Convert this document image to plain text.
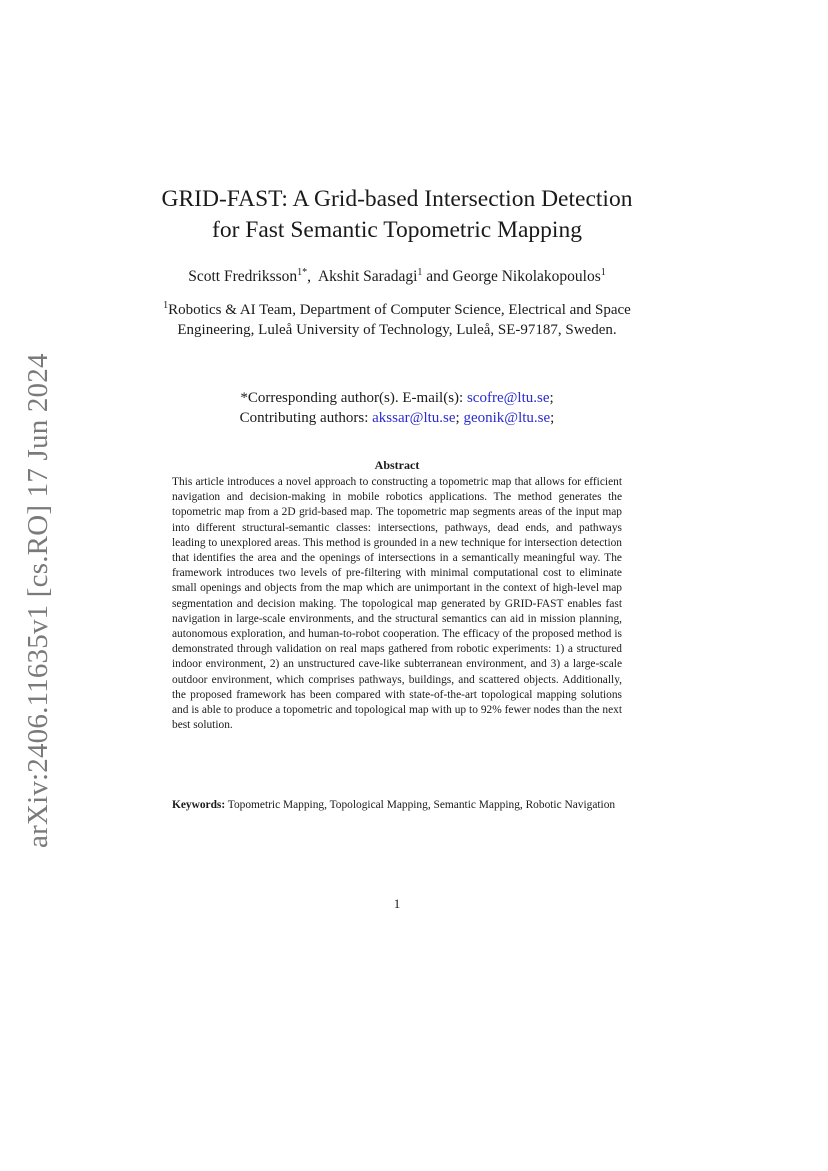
arXiv:2406.11635v1 [cs.RO] 17 Jun 2024
GRID-FAST: A Grid-based Intersection Detection
for Fast Semantic Topometric Mapping
Scott Fredriksson$^{1*}$,  Akshit Saradagi$^1$ and George Nikolakopoulos$^1$
$^1$Robotics & AI Team, Department of Computer Science, Electrical and Space Engineering, Luleå University of Technology, Luleå, SE-97187, Sweden.
*Corresponding author(s). E-mail(s): scofre@ltu.se;
Contributing authors: akssar@ltu.se; geonik@ltu.se;
Abstract

This article introduces a novel approach to constructing a topometric map that allows for efficient navigation and decision-making in mobile robotics applications. The method generates the topometric map from a 2D grid-based map. The topometric map segments areas of the input map into different structural-semantic classes: intersections, pathways, dead ends, and pathways leading to unexplored areas. This method is grounded in a new technique for intersection detection that identifies the area and the openings of intersections in a semantically meaningful way. The framework introduces two levels of pre-filtering with minimal computational cost to eliminate small openings and objects from the map which are unimportant in the context of high-level map segmentation and decision making. The topological map generated by GRID-FAST enables fast navigation in large-scale environments, and the structural semantics can aid in mission planning, autonomous exploration, and human-to-robot cooperation. The efficacy of the proposed method is demonstrated through validation on real maps gathered from robotic experiments: 1) a structured indoor environment, 2) an unstructured cave-like subterranean environment, and 3) a large-scale outdoor environment, which comprises pathways, buildings, and scattered objects. Additionally, the proposed framework has been compared with state-of-the-art topological mapping solutions and is able to produce a topometric and topological map with up to 92% fewer nodes than the next best solution.

Keywords: Topometric Mapping, Topological Mapping, Semantic Mapping, Robotic Navigation
1
